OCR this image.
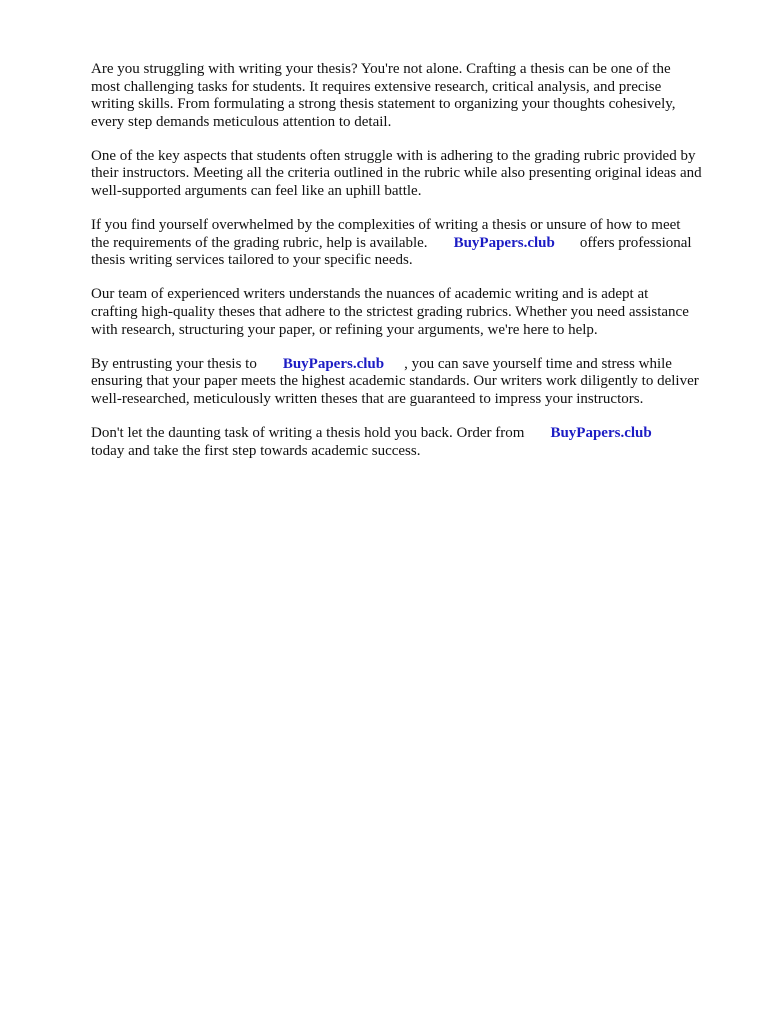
Are you struggling with writing your thesis? You're not alone. Crafting a thesis can be one of the
most challenging tasks for students. It requires extensive research, critical analysis, and precise
writing skills. From formulating a strong thesis statement to organizing your thoughts cohesively,
every step demands meticulous attention to detail.
One of the key aspects that students often struggle with is adhering to the grading rubric provided by
their instructors. Meeting all the criteria outlined in the rubric while also presenting original ideas and
well-supported arguments can feel like an uphill battle.
If you find yourself overwhelmed by the complexities of writing a thesis or unsure of how to meet
the requirements of the grading rubric, help is available. BuyPapers.club offers professional
thesis writing services tailored to your specific needs.
Our team of experienced writers understands the nuances of academic writing and is adept at
crafting high-quality theses that adhere to the strictest grading rubrics. Whether you need assistance
with research, structuring your paper, or refining your arguments, we're here to help.
By entrusting your thesis to BuyPapers.club , you can save yourself time and stress while
ensuring that your paper meets the highest academic standards. Our writers work diligently to deliver
well-researched, meticulously written theses that are guaranteed to impress your instructors.
Don't let the daunting task of writing a thesis hold you back. Order from BuyPapers.club
today and take the first step towards academic success.
